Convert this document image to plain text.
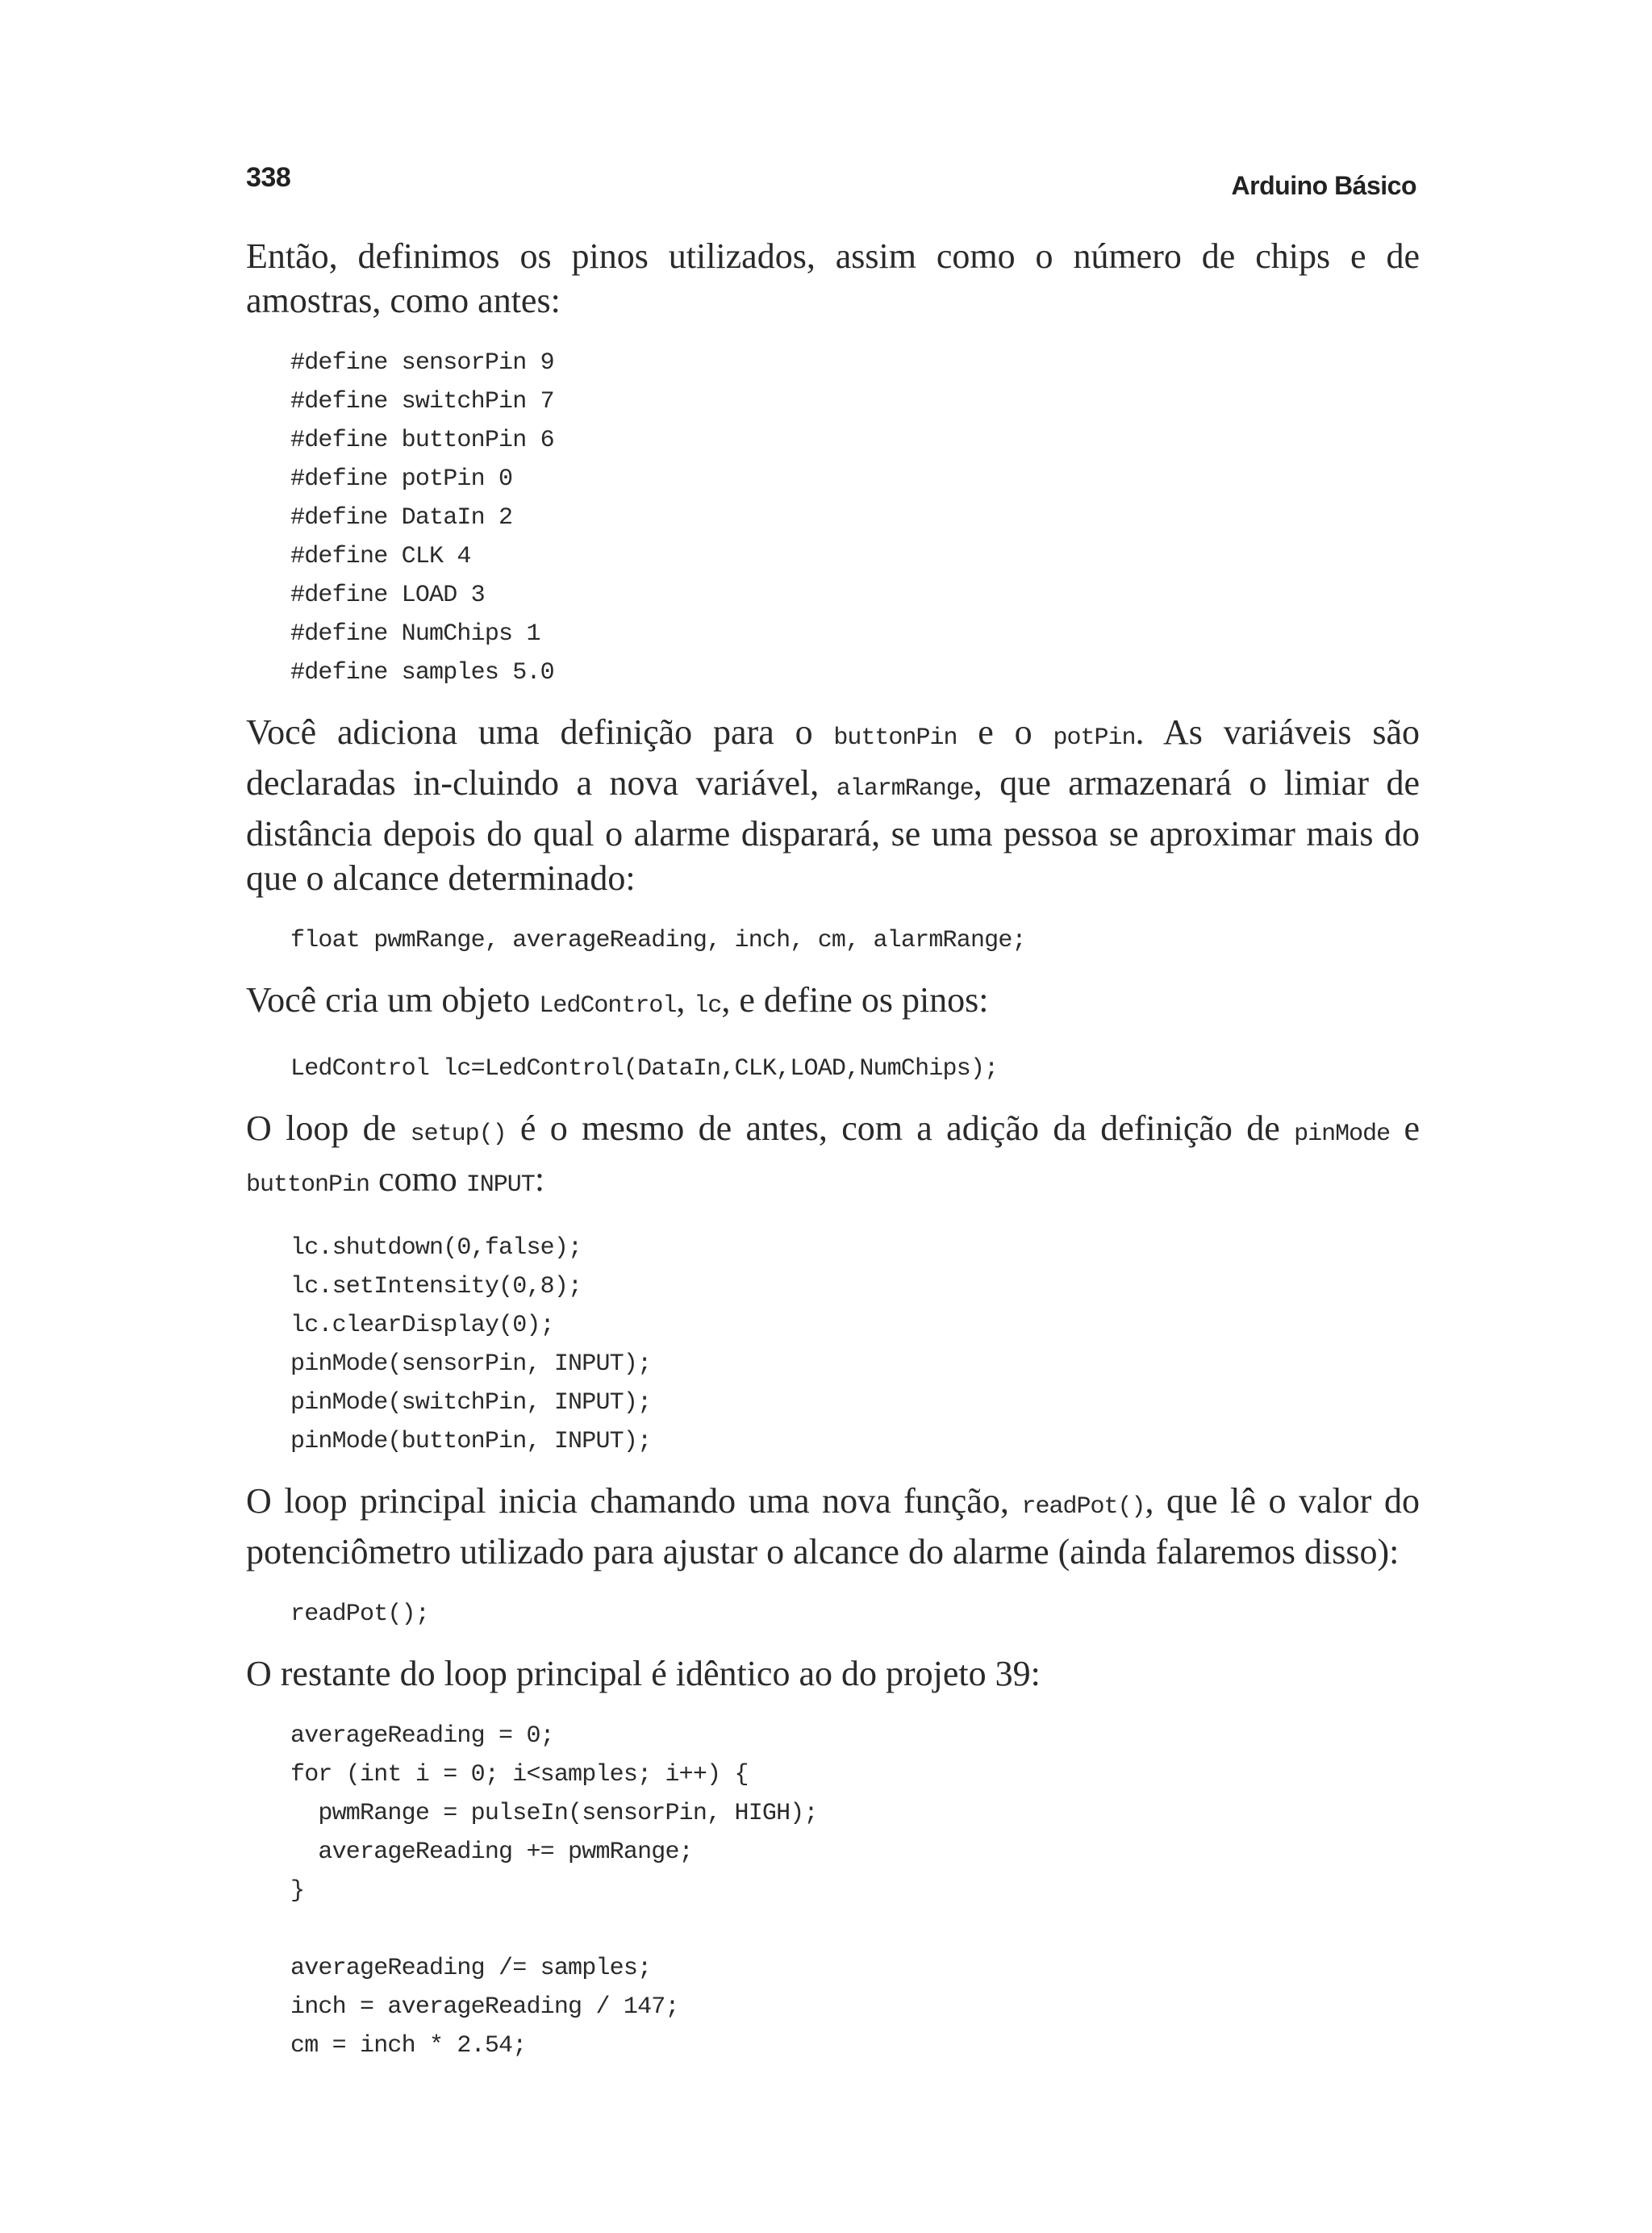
338	Arduino Básico

Então, definimos os pinos utilizados, assim como o número de chips e de amostras, como antes:

#define sensorPin 9
#define switchPin 7
#define buttonPin 6
#define potPin 0
#define DataIn 2
#define CLK 4
#define LOAD 3
#define NumChips 1
#define samples 5.0

Você adiciona uma definição para o buttonPin e o potPin. As variáveis são declaradas in-cluindo a nova variável, alarmRange, que armazenará o limiar de distância depois do qual o alarme disparará, se uma pessoa se aproximar mais do que o alcance determinado:

float pwmRange, averageReading, inch, cm, alarmRange;

Você cria um objeto LedControl, lc, e define os pinos:

LedControl lc=LedControl(DataIn,CLK,LOAD,NumChips);

O loop de setup() é o mesmo de antes, com a adição da definição de pinMode e buttonPin como INPUT:

lc.shutdown(0,false);
lc.setIntensity(0,8);
lc.clearDisplay(0);
pinMode(sensorPin, INPUT);
pinMode(switchPin, INPUT);
pinMode(buttonPin, INPUT);

O loop principal inicia chamando uma nova função, readPot(), que lê o valor do potenciômetro utilizado para ajustar o alcance do alarme (ainda falaremos disso):

readPot();

O restante do loop principal é idêntico ao do projeto 39:

averageReading = 0;
for (int i = 0; i<samples; i++) {
pwmRange = pulseIn(sensorPin, HIGH);
averageReading += pwmRange;
}

averageReading /= samples;
inch = averageReading / 147;
cm = inch * 2.54;
